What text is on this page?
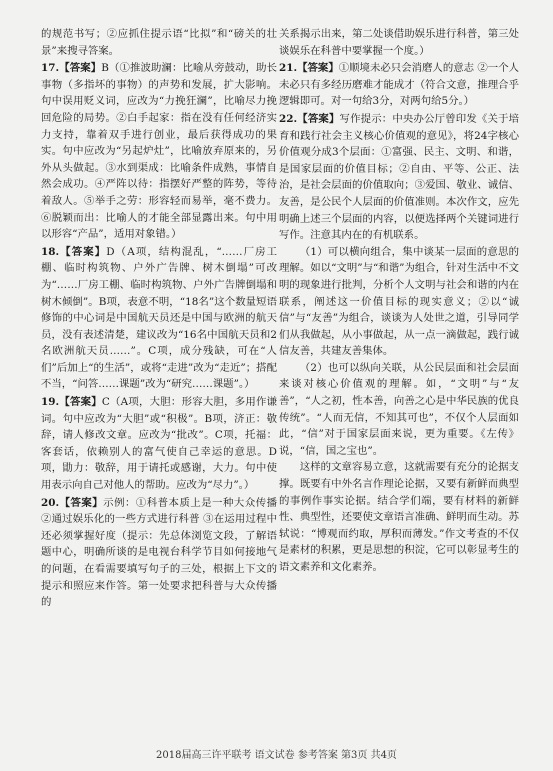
的规范书写；②应抓住提示语“比拟”和“磅关的壮景”来搜寻答案。

17.【答案】B（①推波助澜：比喻从旁鼓动，助长事物（多指坏的事物）的声势和发展，扩大影响。句中误用贬义词，应改为“力挽狂澜”，比喻尽力挽回危险的局势。②白手起家：指在没有任何经济实力支持，靠着双手进行创业，最后获得成功的果实。句中应改为“另起炉灶”，比喻放弃原来的，另外从头做起。③水到渠成：比喻条件成熟，事情自然会成功。④严阵以待：指摆好严整的阵势，等待着敌人。⑤举手之劳：形容轻而易举，毫不费力。⑥脱颖而出：比喻人的才能全部显露出来。句中用以形容“产品”，适用对象错。）

18.【答案】D（A项，结构混乱，“……厂房工棚、临时构筑物、户外广告牌、树木倒塌”可改为“……厂房工棚、临时构筑物、户外广告牌倒塌和树木倾倒”。B项，表意不明，“18名”这个数量短语修饰的中心词是中国航天员还是中国与欧洲的航天员，没有表述清楚，建议改为“16名中国航天员和2名欧洲航天员……”。C项，成分残缺，可在“人们”后加上“的生活”，或将“走进”改为“走近”；搭配不当，“问答……课题”改为“研究……课题”。）

19.【答案】C（A项，大胆：形容大胆，多用作谦词。句中应改为“大胆”或“积极”。B项，济正：敬辞，请人修改文章。应改为“批改”。C项，托福：客套话，依赖别人的富气使自己幸运的意思。D项，勖力：敬辞，用于请托或感谢，大力。句中使用表示向自己对他人的帮助。应改为“尽力”。）

20.【答案】示例：①科普本质上是一种大众传播 ②通过娱乐化的一些方式进行科普 ③在运用过程中还必须掌握好度（提示：先总体浏览文段，了解语题中心，明确所谈的是电视台科学节目如何接地气的问题，在看需要填写句子的三处，根据上下文的提示和照应来作答。第一处要求把科普与大众传播的

关系揭示出来，第二处谈借助娱乐进行科普，第三处谈娱乐在科普中要掌握一个度。）

21.【答案】①顺境未必只会消磨人的意志 ②一个人未必只有多经历磨难才能成才（符合文意，推理合乎逻辑即可。对一句给3分，对两句给5分。）

22.【答案】写作提示：中央办公厅曾印发《关于培育和践行社会主义核心价值观的意见》，将24字核心价值观分成3个层面：①富强、民主、文明、和谐，是国家层面的价值目标；②自由、平等、公正、法治，是社会层面的价值取向；③爱国、敬业、诚信、友善，是公民个人层面的价值准则。本次作文，应先明确上述三个层面的内容，以便选择两个关键词进行写作。注意其内在的有机联系。

（1）可以横向组合，集中谈某一层面的意思的理解。如以“文明”与“和谐”为组合，针对生活中不文明的现象进行批判，分析个人文明与社会和谐的内在联系，阐述这一价值目标的现实意义；②以“诚信”与“友善”为组合，谈谈为人处世之道，引导同学们从我做起，从小事做起，从一点一滴做起，践行诚信友善，共建友善集体。

（2）也可以纵向关联，从公民层面和社会层面来谈对核心价值观的理解。如，“文明”与“友善”，“人之初，性本善，向善之心是中华民族的优良传统”。“人而无信，不知其可也”，不仅个人层面如此，“信”对于国家层面来说，更为重要。《左传》说，“信，国之宝也”。

这样的文章容易立意，这就需要有充分的论据支撑。既要有中外名言作理论论据，又要有新鲜而典型的事例作事实论据。结合学们端，要有材料的新鲜性、典型性，还要使文章语言准确、鲜明而生动。苏轼说：“博观而约取，厚积而薄发。”作文考查的不仅是素材的积累，更是思想的积淀，它可以彰显考生的语文素养和文化素养。

2018届高三许平联考 语文试卷 参考答案 第3页 共4页
